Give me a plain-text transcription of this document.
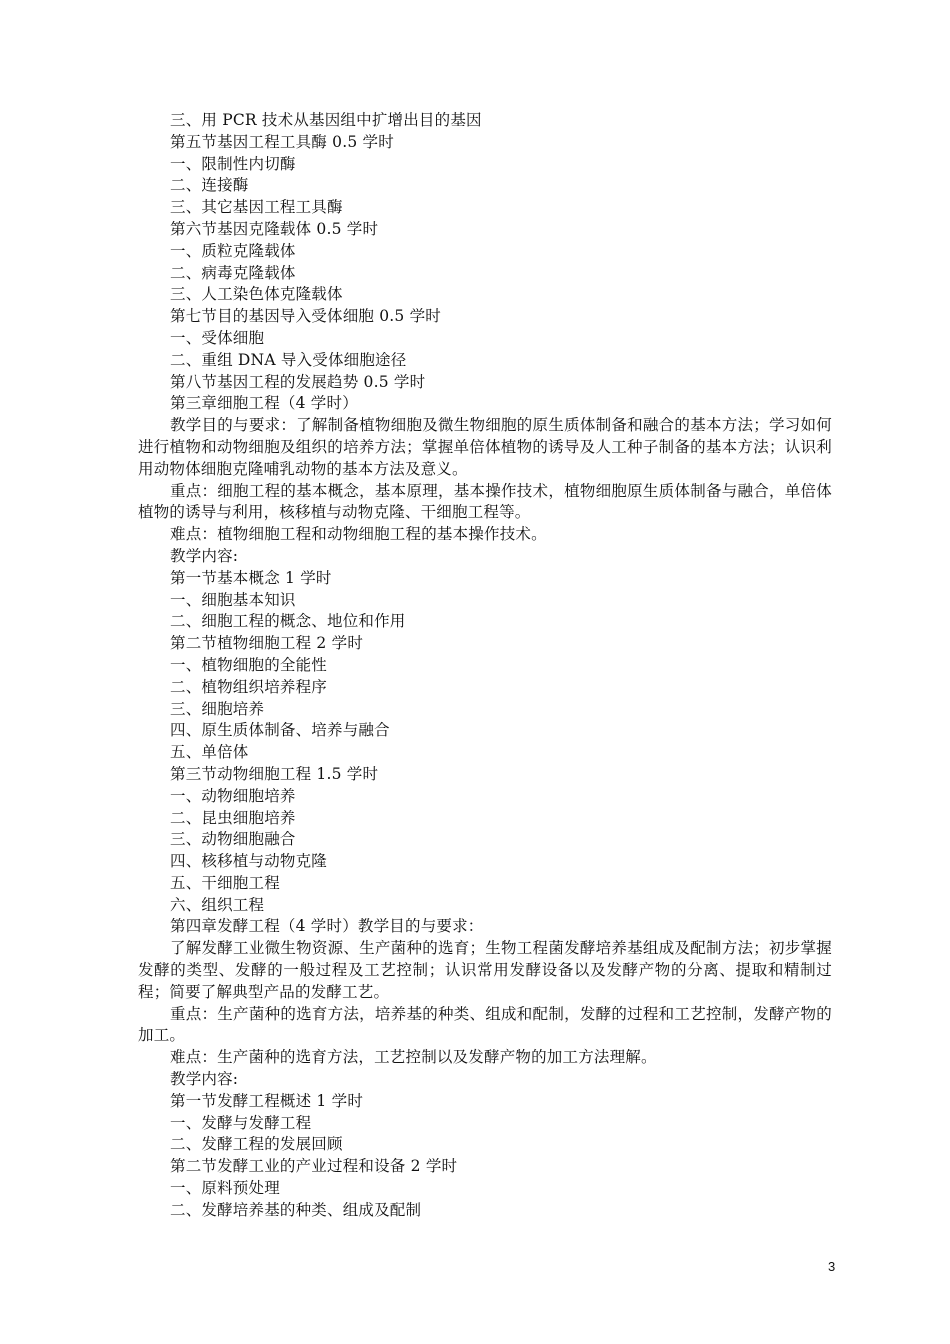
三、用 PCR 技术从基因组中扩增出目的基因
第五节基因工程工具酶 0.5 学时
一、限制性内切酶
二、连接酶
三、其它基因工程工具酶
第六节基因克隆载体 0.5 学时
一、质粒克隆载体
二、病毒克隆载体
三、人工染色体克隆载体
第七节目的基因导入受体细胞 0.5 学时
一、受体细胞
二、重组 DNA 导入受体细胞途径
第八节基因工程的发展趋势 0.5 学时
第三章细胞工程（4 学时）
教学目的与要求：了解制备植物细胞及微生物细胞的原生质体制备和融合的基本方法；学习如何进行植物和动物细胞及组织的培养方法；掌握单倍体植物的诱导及人工种子制备的基本方法；认识利用动物体细胞克隆哺乳动物的基本方法及意义。
重点：细胞工程的基本概念，基本原理，基本操作技术，植物细胞原生质体制备与融合，单倍体植物的诱导与利用，核移植与动物克隆、干细胞工程等。
难点：植物细胞工程和动物细胞工程的基本操作技术。
教学内容:
第一节基本概念 1 学时
一、细胞基本知识
二、细胞工程的概念、地位和作用
第二节植物细胞工程 2 学时
一、植物细胞的全能性
二、植物组织培养程序
三、细胞培养
四、原生质体制备、培养与融合
五、单倍体
第三节动物细胞工程 1.5 学时
一、动物细胞培养
二、昆虫细胞培养
三、动物细胞融合
四、核移植与动物克隆
五、干细胞工程
六、组织工程
第四章发酵工程（4 学时）教学目的与要求：
了解发酵工业微生物资源、生产菌种的选育；生物工程菌发酵培养基组成及配制方法；初步掌握发酵的类型、发酵的一般过程及工艺控制；认识常用发酵设备以及发酵产物的分离、提取和精制过程；简要了解典型产品的发酵工艺。
重点：生产菌种的选育方法，培养基的种类、组成和配制，发酵的过程和工艺控制，发酵产物的加工。
难点：生产菌种的选育方法，工艺控制以及发酵产物的加工方法理解。
教学内容:
第一节发酵工程概述 1 学时
一、发酵与发酵工程
二、发酵工程的发展回顾
第二节发酵工业的产业过程和设备 2 学时
一、原料预处理
二、发酵培养基的种类、组成及配制
3
